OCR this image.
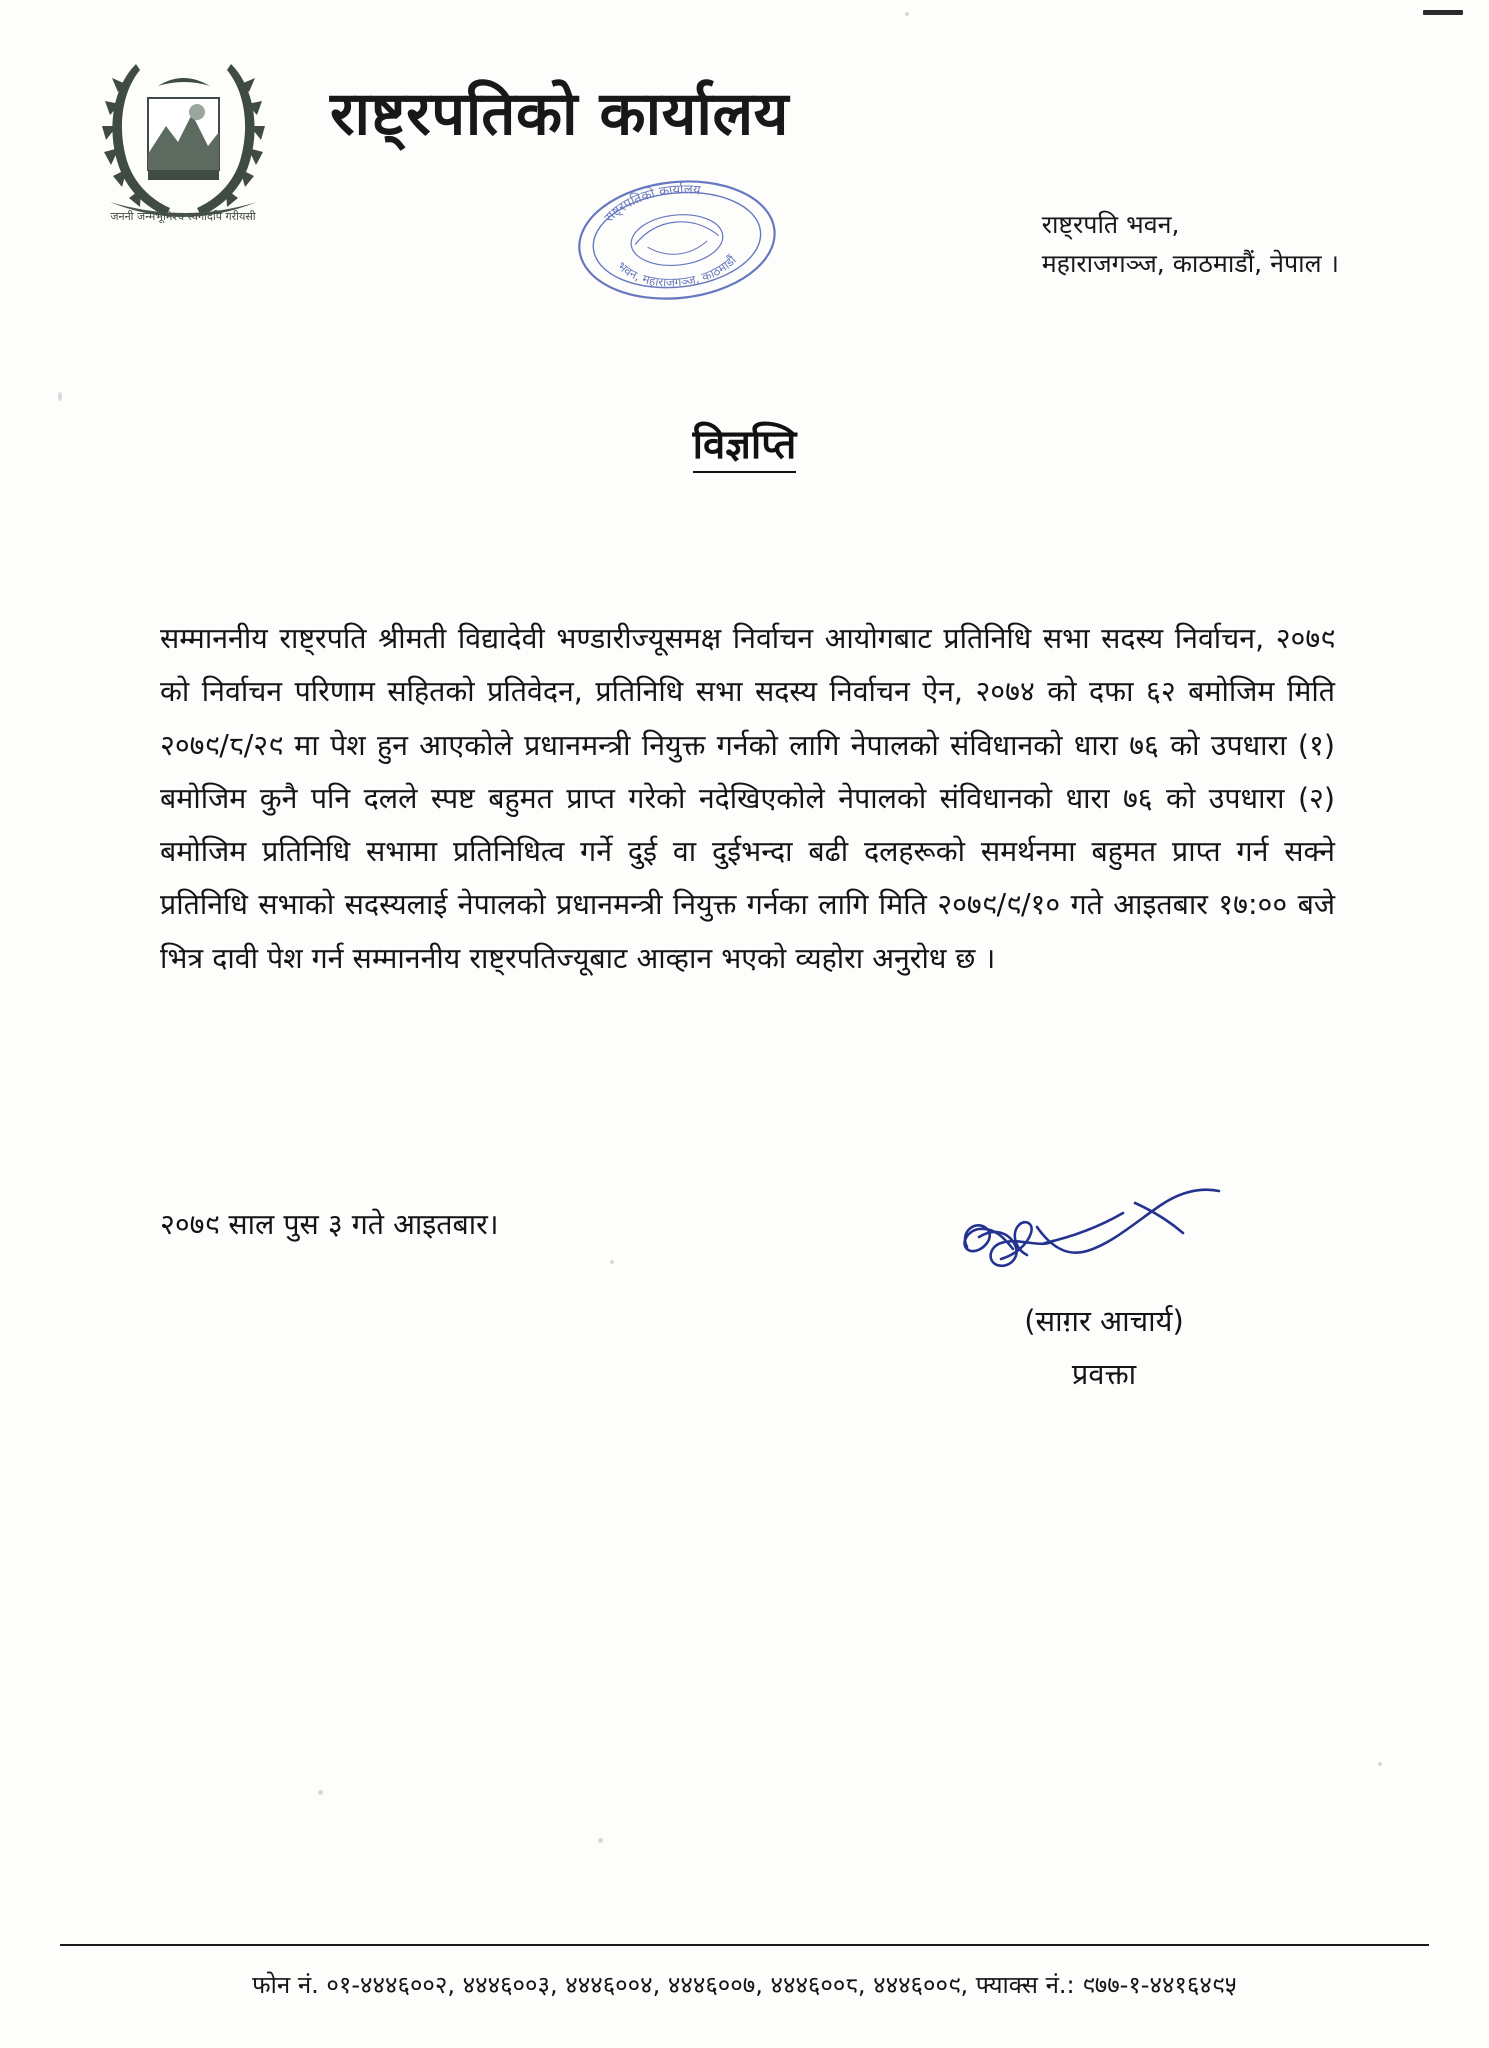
जननी जन्मभूमिश्च स्वर्गादपि गरीयसी
राष्ट्रपतिको कार्यालय
राष्ट्रपतिको कार्यालय
भवन, महाराजगञ्ज, काठमाडौं
राष्ट्रपति भवन,
महाराजगञ्ज, काठमाडौं, नेपाल ।
विज्ञप्ति
सम्माननीय राष्ट्रपति श्रीमती विद्यादेवी भण्डारीज्यूसमक्ष निर्वाचन आयोगबाट प्रतिनिधि सभा सदस्य निर्वाचन, २०७९ को निर्वाचन परिणाम सहितको प्रतिवेदन, प्रतिनिधि सभा सदस्य निर्वाचन ऐन, २०७४ को दफा ६२ बमोजिम मिति २०७९/८/२९ मा पेश हुन आएकोले प्रधानमन्त्री नियुक्त गर्नको लागि नेपालको संविधानको धारा ७६ को उपधारा (१) बमोजिम कुनै पनि दलले स्पष्ट बहुमत प्राप्त गरेको नदेखिएकोले नेपालको संविधानको धारा ७६ को उपधारा (२) बमोजिम प्रतिनिधि सभामा प्रतिनिधित्व गर्ने दुई वा दुईभन्दा बढी दलहरूको समर्थनमा बहुमत प्राप्त गर्न सक्ने प्रतिनिधि सभाको सदस्यलाई नेपालको प्रधानमन्त्री नियुक्त गर्नका लागि मिति २०७९/९/१० गते आइतबार १७:०० बजे भित्र दावी पेश गर्न सम्माननीय राष्ट्रपतिज्यूबाट आव्हान भएको व्यहोरा अनुरोध छ ।
२०७९ साल पुस ३ गते आइतबार।
(साग़र आचार्य)
प्रवक्ता
फोन नं. ०१-४४४६००२, ४४४६००३, ४४४६००४, ४४४६००७, ४४४६००८, ४४४६००९, फ्याक्स नं.: ९७७-१-४४१६४९५
